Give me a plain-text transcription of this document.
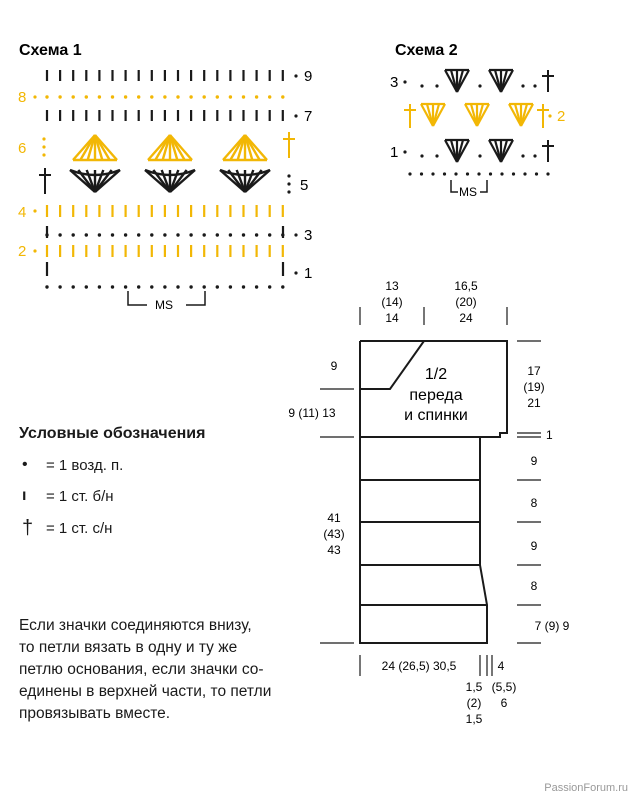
Схема 1
MS
8
6
4
2
9
7
5
3
1
Схема 2
MS
3
1
2
1/2
переда
и спинки
13
(14)
14
16,5
(20)
24
9
9 (11) 13
41
(43)
43
17
(19)
21
1
9
8
9
8
7 (9) 9
24 (26,5) 30,5
1,5
(2)
1,5
4
(5,5)
6
Условные обозначения
• = 1 возд. п.
ı = 1 ст. б/н
† = 1 ст. с/н
Если значки соединяются внизу,
то петли вязать в одну и ту же
петлю основания, если значки со-
единены в верхней части, то петли
провязывать вместе.
PassionForum.ru
